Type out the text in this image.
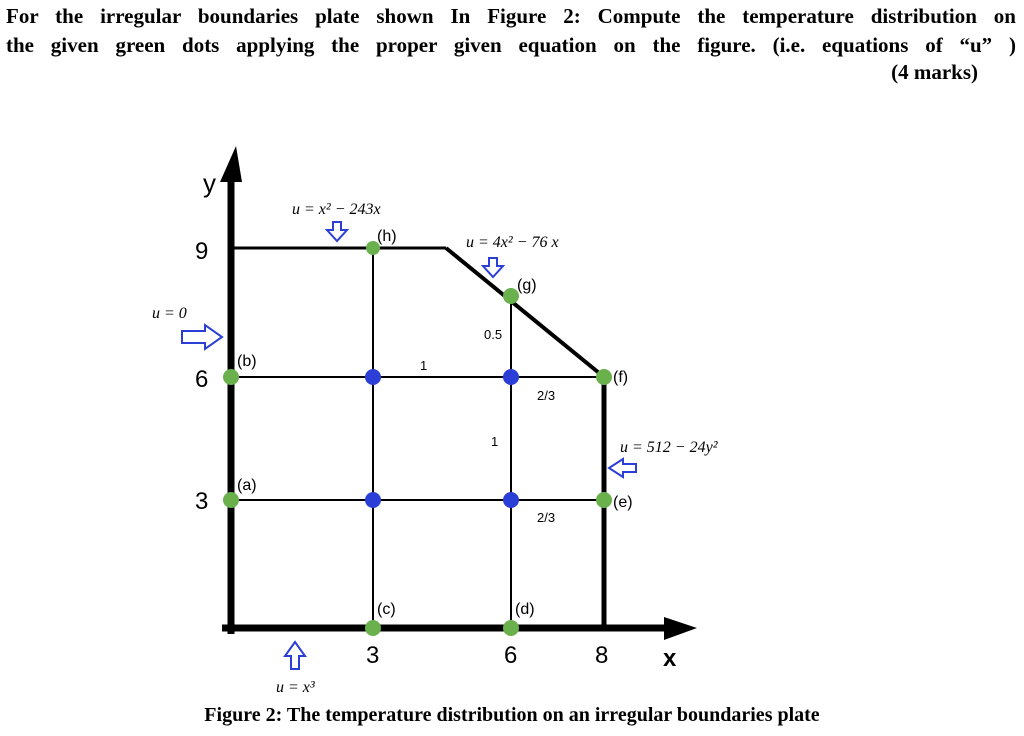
For the irregular boundaries plate shown In Figure 2: Compute the temperature distribution on
the given green dots applying the proper given equation on the figure. (i.e. equations of “u” )
(4 marks)
y
x
9
6
3
3	6	8
u = x² − 243x
u = 4x² − 76 x
u = 0
u = 512 − 24y²
u = x³
(h)
(g)
(f)
(e)
(b)
(a)
(c)	(d)
1
0.5
1
2/3
2/3
Figure 2: The temperature distribution on an irregular boundaries plate
